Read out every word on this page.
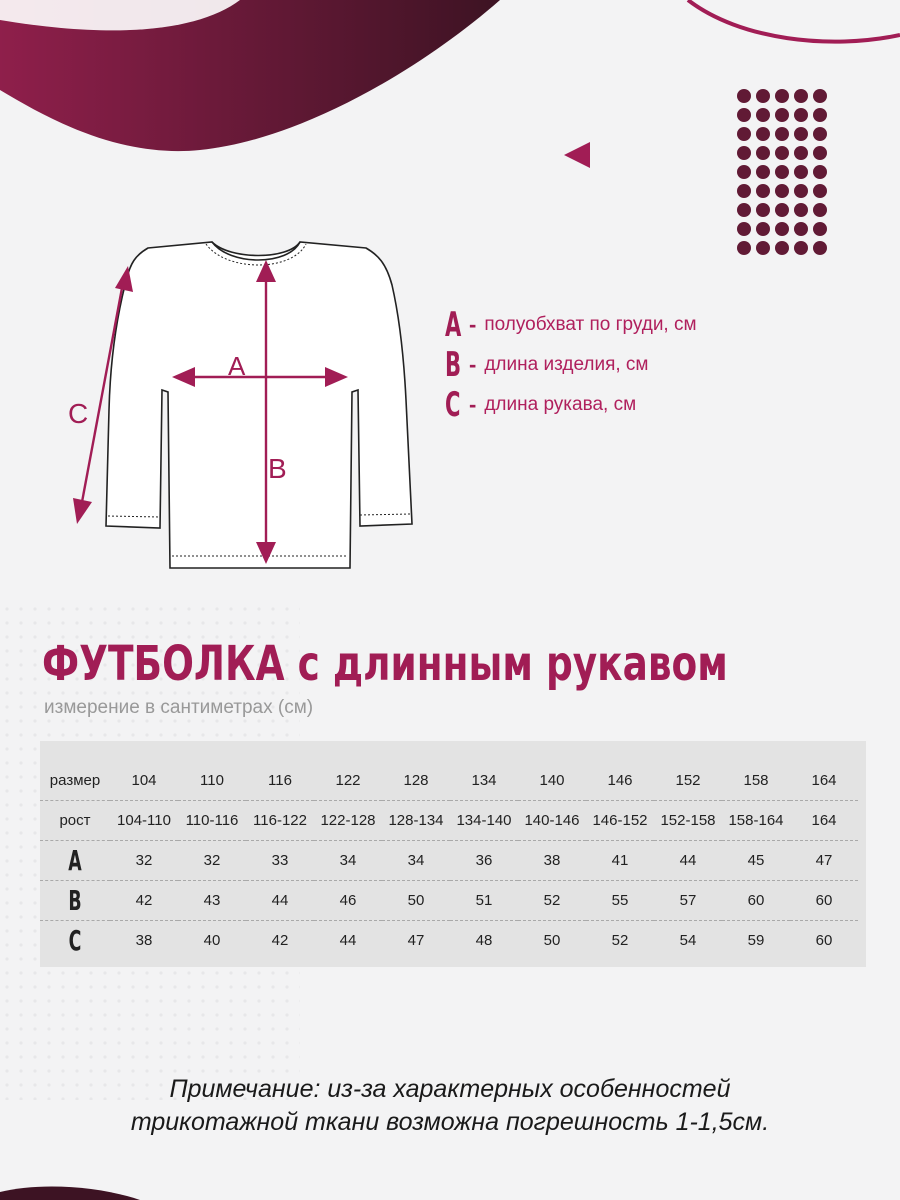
A
B
C
A - полуобхват по груди, см
B - длина изделия, см
C - длина рукава, см
ФУТБОЛКА с длинным рукавом
измерение в сантиметрах (см)
размер	104	110	116	122	128	134	140	146	152	158	164
рост	104-110	110-116	116-122	122-128	128-134	134-140	140-146	146-152	152-158	158-164	164
A	32	32	33	34	34	36	38	41	44	45	47
B	42	43	44	46	50	51	52	55	57	60	60
C	38	40	42	44	47	48	50	52	54	59	60
Примечание: из-за характерных особенностей
трикотажной ткани возможна погрешность 1-1,5см.
